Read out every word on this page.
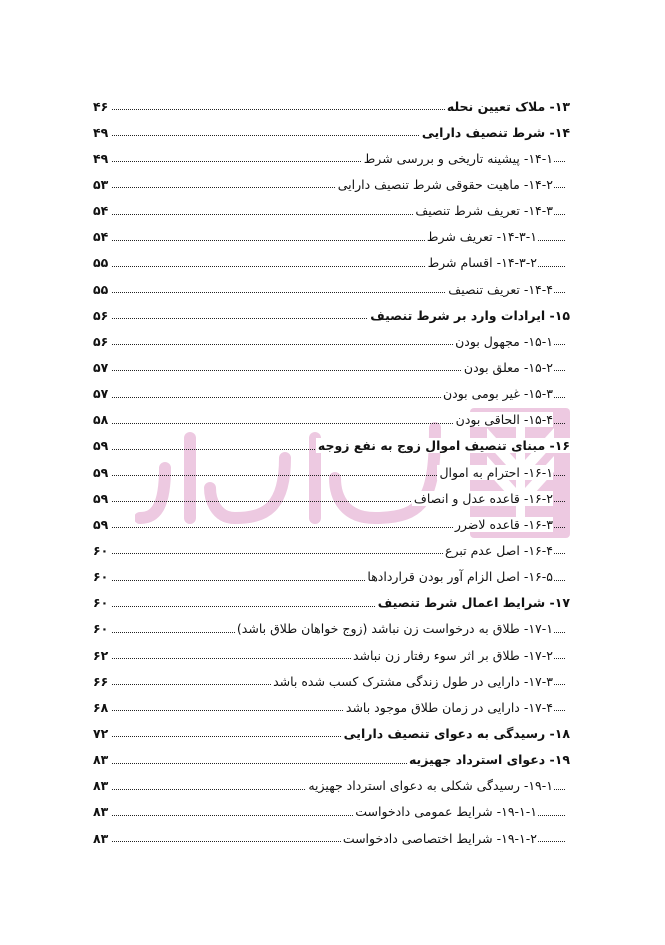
۱۳- ملاک تعیین نحله
۴۶
۱۴- شرط تنصیف دارایی
۴۹
۱۴-۱- پیشینه تاریخی و بررسی شرط
۴۹
۱۴-۲- ماهیت حقوقی شرط تنصیف دارایی
۵۳
۱۴-۳- تعریف شرط تنصیف
۵۴
۱۴-۳-۱- تعریف شرط
۵۴
۱۴-۳-۲- اقسام شرط
۵۵
۱۴-۴- تعریف تنصیف
۵۵
۱۵- ایرادات وارد بر شرط تنصیف
۵۶
۱۵-۱- مجهول بودن
۵۶
۱۵-۲- معلق بودن
۵۷
۱۵-۳- غیر بومی بودن
۵۷
۱۵-۴- الحاقی بودن
۵۸
۱۶- مبنای تنصیف اموال زوج به نفع زوجه
۵۹
۱۶-۱- احترام به اموال
۵۹
۱۶-۲- قاعده عدل و انصاف
۵۹
۱۶-۳- قاعده لاضرر
۵۹
۱۶-۴- اصل عدم تبرع
۶۰
۱۶-۵- اصل الزام آور بودن قراردادها
۶۰
۱۷- شرایط اعمال شرط تنصیف
۶۰
۱۷-۱- طلاق به درخواست زن نباشد (زوج خواهان طلاق باشد)
۶۰
۱۷-۲- طلاق بر اثر سوء رفتار زن نباشد
۶۲
۱۷-۳- دارایی در طول زندگی مشترک کسب شده باشد
۶۶
۱۷-۴- دارایی در زمان طلاق موجود باشد
۶۸
۱۸- رسیدگی به دعوای تنصیف دارایی
۷۲
۱۹- دعوای استرداد جهیزیه
۸۳
۱۹-۱- رسیدگی شکلی به دعوای استرداد جهیزیه
۸۳
۱۹-۱-۱- شرایط عمومی دادخواست
۸۳
۱۹-۱-۲- شرایط اختصاصی دادخواست
۸۳
